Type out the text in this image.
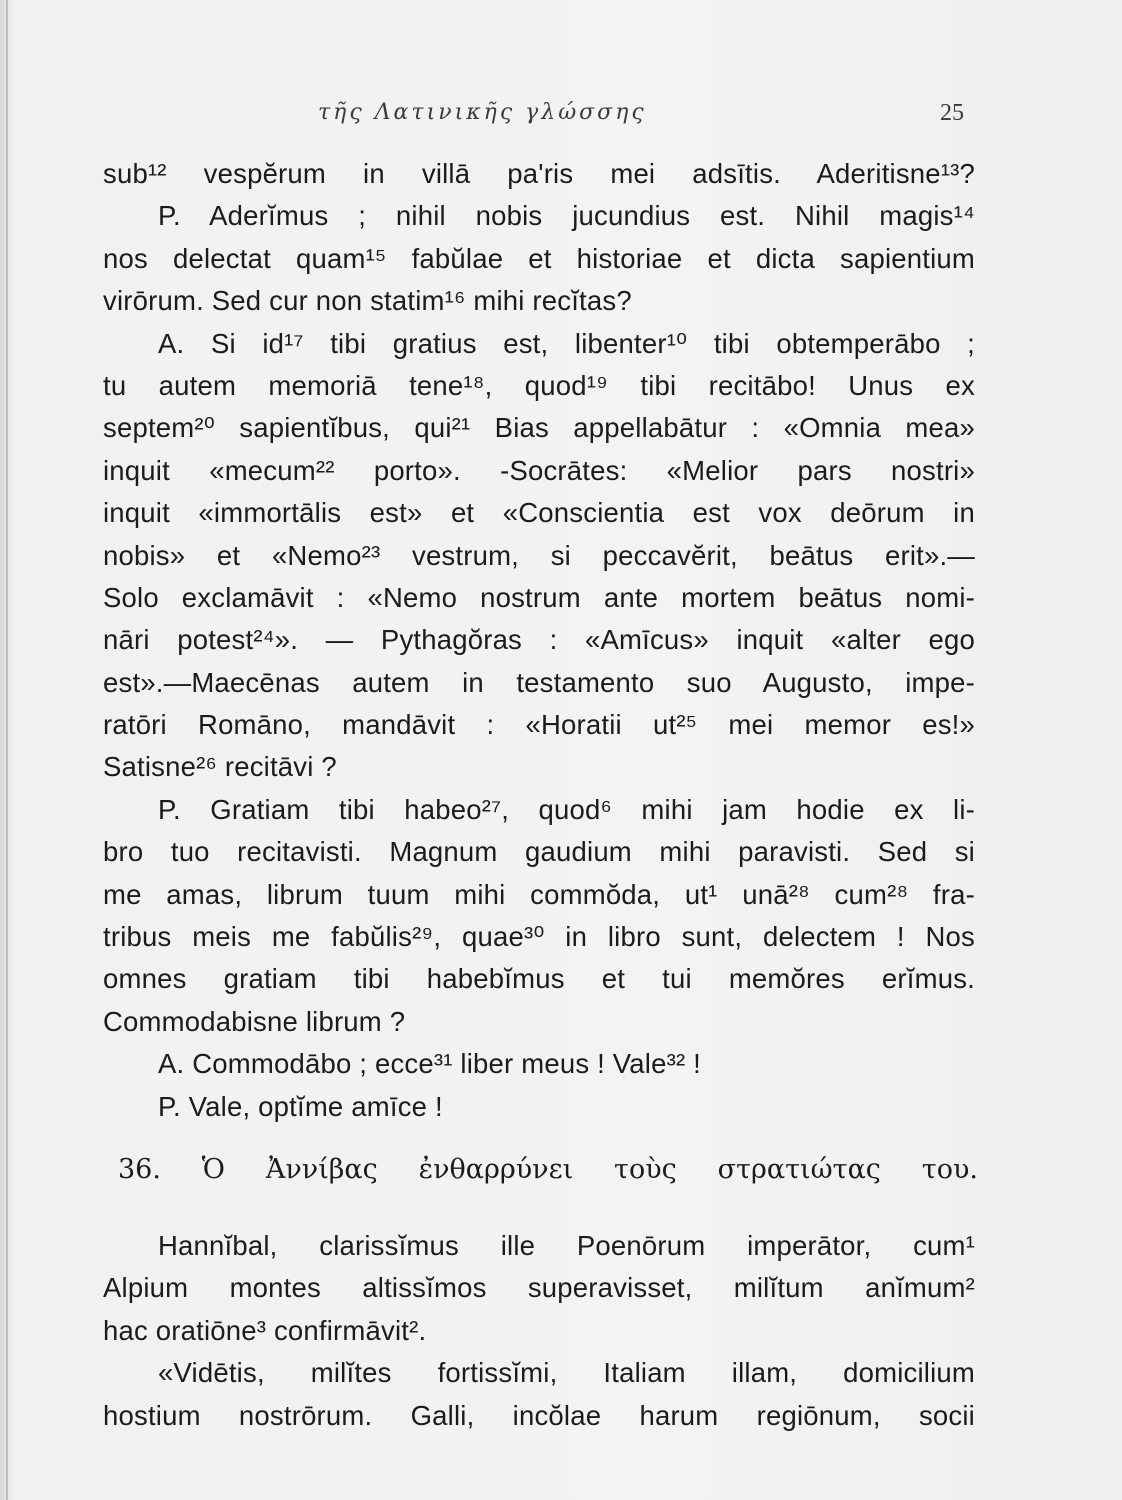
τῆς Λατινικῆς γλώσσης	25
sub¹² vespĕrum in villā pa'ris mei adsītis. Aderitisne¹³?
P. Aderĭmus ; nihil nobis jucundius est. Nihil magis¹⁴
nos delectat quam¹⁵ fabŭlae et historiae et dicta sapientium
virōrum. Sed cur non statim¹⁶ mihi recĭtas?
A. Si id¹⁷ tibi gratius est, libenter¹⁰ tibi obtemperābo ;
tu autem memoriā tene¹⁸, quod¹⁹ tibi recitābo! Unus ex
septem²⁰ sapientĭbus, qui²¹ Bias appellabātur : «Omnia mea»
inquit «mecum²² porto». -Socrātes: «Melior pars nostri»
inquit «immortālis est» et «Conscientia est vox deōrum in
nobis» et «Nemo²³ vestrum, si peccavĕrit, beātus erit».—
Solo exclamāvit : «Nemo nostrum ante mortem beātus nomi-
nāri potest²⁴». — Pythagŏras : «Amīcus» inquit «alter ego
est».—Maecēnas autem in testamento suo Augusto, impe-
ratōri Romāno, mandāvit : «Horatii ut²⁵ mei memor es!»
Satisne²⁶ recitāvi ?
P. Gratiam tibi habeo²⁷, quod⁶ mihi jam hodie ex li-
bro tuo recitavisti. Magnum gaudium mihi paravisti. Sed si
me amas, librum tuum mihi commŏda, ut¹ unā²⁸ cum²⁸ fra-
tribus meis me fabŭlis²⁹, quae³⁰ in libro sunt, delectem ! Nos
omnes gratiam tibi habebĭmus et tui memŏres erĭmus.
Commodabisne librum ?
A. Commodābo ; ecce³¹ liber meus ! Vale³² !
P. Vale, optĭme amīce !
36. Ὁ Ἀννίβας ἐνθαρρύνει τοὺς στρατιώτας του.
Hannĭbal, clarissĭmus ille Poenōrum imperātor, cum¹
Alpium montes altissĭmos superavisset, milĭtum anĭmum²
hac oratiōne³ confirmāvit².
«Vidētis, milĭtes fortissĭmi, Italiam illam, domicilium
hostium nostrōrum. Galli, incŏlae harum regiōnum, socii
